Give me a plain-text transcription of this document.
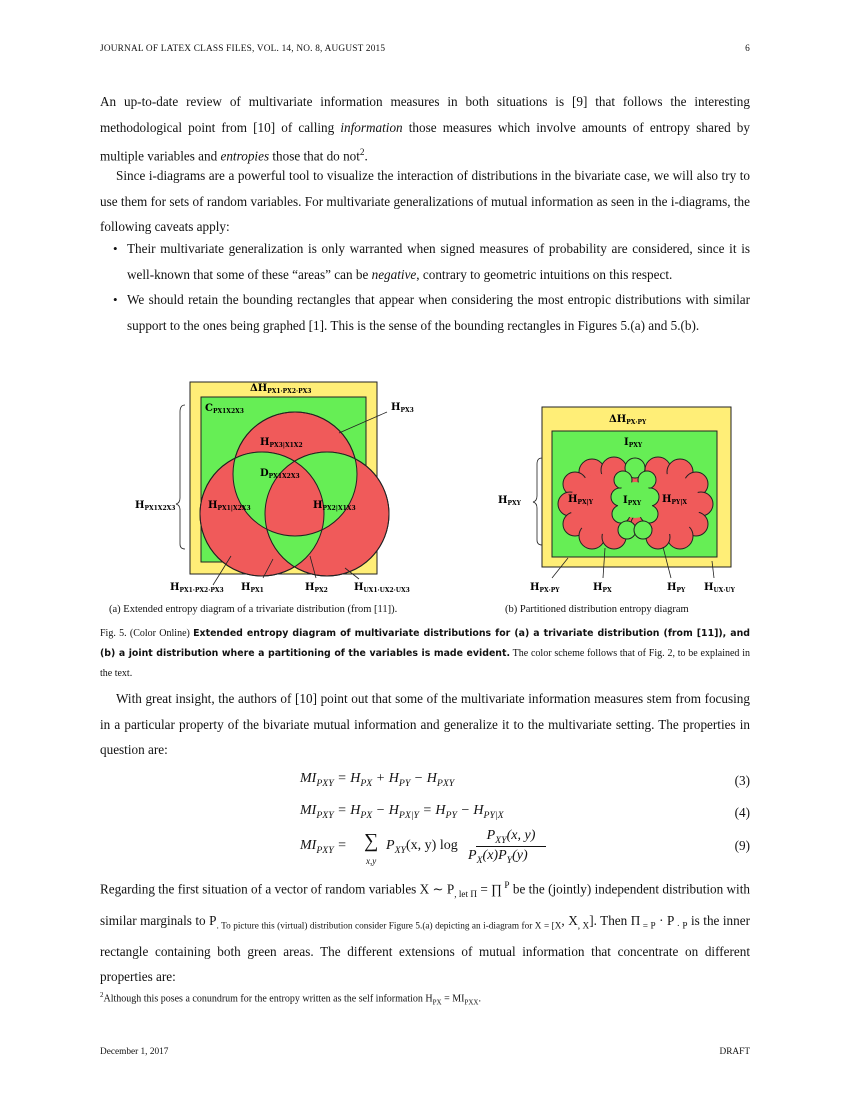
JOURNAL OF LATEX CLASS FILES, VOL. 14, NO. 8, AUGUST 2015	6

An up-to-date review of multivariate information measures in both situations is [9] that follows the interesting methodological point from [10] of calling information those measures which involve amounts of entropy shared by multiple variables and entropies those that do not$^2$.

Since i-diagrams are a powerful tool to visualize the interaction of distributions in the bivariate case, we will also try to use them for sets of random variables. For multivariate generalizations of mutual information as seen in the i-diagrams, the following caveats apply:

• Their multivariate generalization is only warranted when signed measures of probability are considered, since it is well-known that some of these “areas” can be negative, contrary to geometric intuitions on this respect.

• We should retain the bounding rectangles that appear when considering the most entropic distributions with similar support to the ones being graphed [1]. This is the sense of the bounding rectangles in Figures 5.(a) and 5.(b).

$\Delta H_{PX1\cdot PX2\cdot PX3}$
$C_{PX1X2X3}$	$H_{PX3}$
$H_{PX3|X1X2}$
$D_{PX1X2X3}$
$H_{PX1|X2X3}$	$H_{PX2|X1X3}$
$H_{PX1X2X3}$
$H_{PX1\cdot PX2\cdot PX3}$ $H_{PX1}$	$H_{PX2}$	$H_{UX1\cdot UX2\cdot UX3}$
$\Delta H_{PX\cdot PY}$
$I_{PXY}$
$H_{PX|Y}$	$I_{PXY}$ $H_{PY|X}$
$H_{PXY}$
$H_{PX\cdot PY}$	$H_{PX}$	$H_{PY}$ $H_{UX\cdot UY}$
(a) Extended entropy diagram of a trivariate distribution (from [11]).	(b) Partitioned distribution entropy diagram

Fig. 5. (Color Online) Extended entropy diagram of multivariate distributions for (a) a trivariate distribution (from [11]), and (b) a joint distribution where a partitioning of the variables is made evident. The color scheme follows that of Fig. 2, to be explained in the text.

With great insight, the authors of [10] point out that some of the multivariate information measures stem from focusing in a particular property of the bivariate mutual information and generalize it to the multivariate setting. The properties in question are:

$MI_{PXY} = H_{PX} + H_{PY} - H_{PXY}$	(3)
$MI_{PXY} = H_{PX} - H_{PX|Y} = H_{PY} - H_{PY|X}$	(4)
$MI_{PXY}$ = ∑
x,y
$P_{XY}(x$, y) log
$P_{XY}(x$, y)
$P_X(x)P_Y(y)$
(9)

Regarding the first situation of a vector of random variables X ∼ $P_{, let \Pi}$ = ∏ $^P$ be the (jointly) independent distribution with similar marginals to $P_{. To picture this (virtual) distribution consider Figure 5.(a) depicting an i-diagram for X = [X}$, $X_{, X}$]. Then Π $_{= P}$ · P $_{\cdot P}$ is the inner rectangle containing both green areas. The different extensions of mutual information that concentrate on different properties are:

$^2$Although this poses a conundrum for the entropy written as the self information $H_{PX} = MI_{PXX}$.

December 1, 2017	DRAFT
